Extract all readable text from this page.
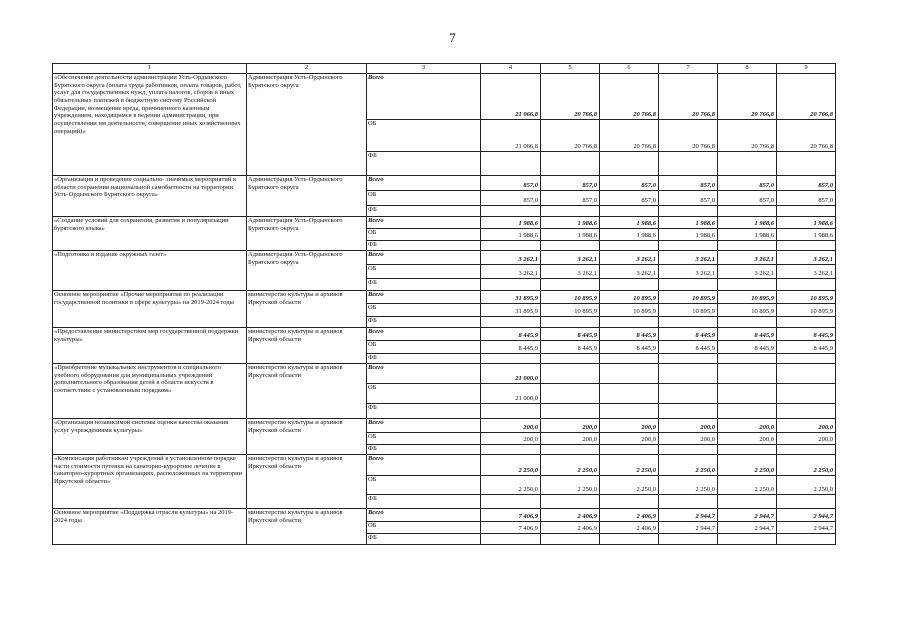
7
1	2	3	4	5	6	7	8	9
«Обеспечение деятельности администрации Усть-Ордынского Бурятского округа (оплата труда работников, оплата товаров, работ, услуг для государственных нужд, уплата налогов, сборов и иных обязательных платежей в бюджетную систему Российской Федерации, возмещение вреда, причиненного казенным учреждением, находящимся в ведении администрации, при осуществлении им деятельности, совершение иных хозяйственных операций)»	Администрация Усть-Ордынского Бурятского округа	Всего	21 066,8	20 766,8	20 766,8	20 766,8	20 766,8	20 766,8
		ОБ	21 066,8	20 766,8	20 766,8	20 766,8	20 766,8	20 766,8
		ФБ						
«Организация и проведение социально- значимых мероприятий в области сохранения национальной самобытности на территории Усть-Ордынского Бурятского округа»	Администрация Усть-Ордынского Бурятского округа	Всего	857,0	857,0	857,0	857,0	857,0	857,0
		ОБ	857,0	857,0	857,0	857,0	857,0	857,0
		ФБ						
«Создание условий для сохранения, развития и популяризации бурятского языка»	Администрация Усть-Ордынского Бурятского округа	Всего	1 988,6	1 988,6	1 988,6	1 988,6	1 988,6	1 988,6
		ОБ	1 988,6	1 988,6	1 988,6	1 988,6	1 988,6	1 988,6
		ФБ						
«Подготовка и издание окружных газет»	Администрация Усть-Ордынского Бурятского округа	Всего	3 262,1	3 262,1	3 262,1	3 262,1	3 262,1	3 262,1
		ОБ	3 262,1	3 262,1	3 262,1	3 262,1	3 262,1	3 262,1
		ФБ						
Основное мероприятие «Прочие мероприятия по реализации государственной политики в сфере культуры» на 2019-2024 годы	министерство культуры и архивов Иркутской области	Всего	31 895,9	10 895,9	10 895,9	10 895,9	10 895,9	10 895,9
		ОБ	31 895,9	10 895,9	10 895,9	10 895,9	10 895,9	10 895,9
		ФБ						
«Предоставление министерством мер государственной поддержки культуры»	министерство культуры и архивов Иркутской области	Всего	8 445,9	8 445,9	8 445,9	8 445,9	8 445,9	8 445,9
		ОБ	8 445,9	8 445,9	8 445,9	8 445,9	8 445,9	8 445,9
		ФБ						
«Приобретение музыкальных инструментов и специального учебного оборудования для муниципальных учреждений дополнительного образования детей в области искусств в соответствии с установленным порядком»	министерство культуры и архивов Иркутской области	Всего	21 000,0					
		ОБ	21 000,0					
		ФБ						
«Организация независимой системы оценки качества оказания услуг учреждениями культуры»	министерство культуры и архивов Иркутской области	Всего	200,0	200,0	200,0	200,0	200,0	200,0
		ОБ	200,0	200,0	200,0	200,0	200,0	200,0
		ФБ						
«Компенсация работникам учреждений в установленном порядке части стоимости путевки на санаторно-курортное лечение в санаторно-курортных организациях, расположенных на территории Иркутской области»	министерство культуры и архивов Иркутской области	Всего	2 250,0	2 250,0	2 250,0	2 250,0	2 250,0	2 250,0
		ОБ	2 250,0	2 250,0	2 250,0	2 250,0	2 250,0	2 250,0
		ФБ						
Основное мероприятие «Поддержка отрасли культуры» на 2019-2024 годы	министерство культуры и архивов Иркутской области	Всего	7 406,9	2 406,9	2 406,9	2 944,7	2 944,7	2 944,7
		ОБ	7 406,9	2 406,9	2 406,9	2 944,7	2 944,7	2 944,7
		ФБ						
